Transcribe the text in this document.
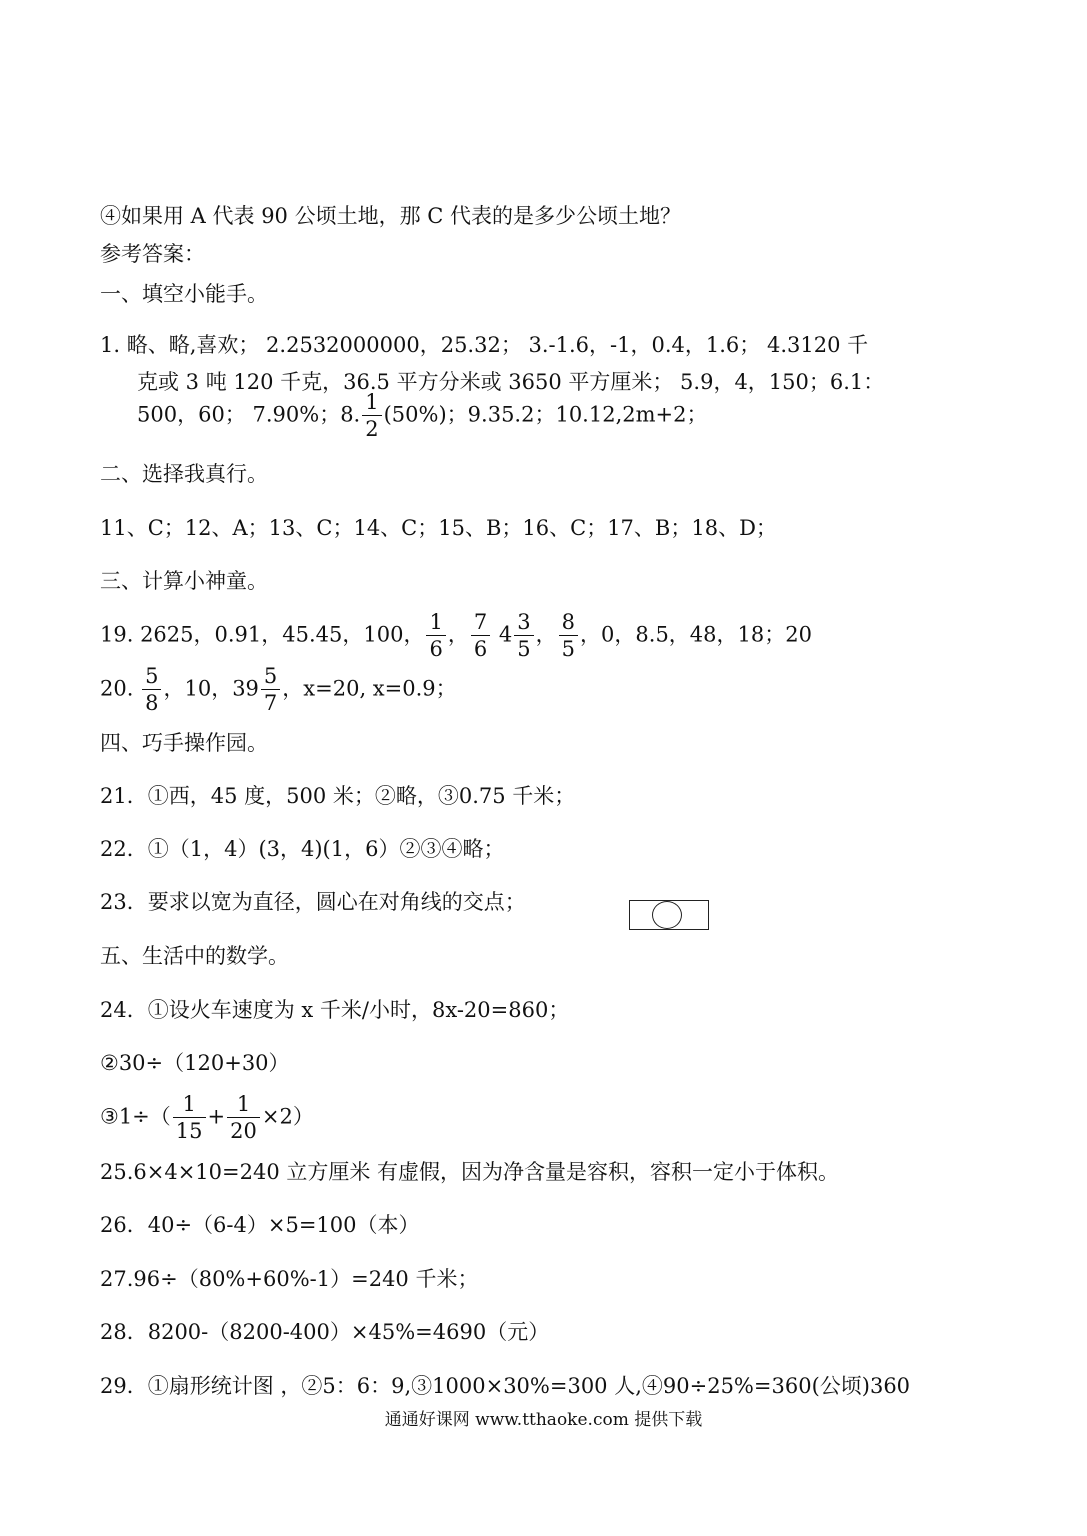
④如果用 A 代表 90 公顷土地，那 C 代表的是多少公顷土地？
参考答案：
一、填空小能手。
1. 略、略,喜欢； 2.2532000000，25.32； 3.-1.6，-1，0.4，1.6； 4.3120 千
克或 3 吨 120 千克，36.5 平方分米或 3650 平方厘米； 5.9，4，150；6.1：
500，60； 7.90%；8. $\frac{1}{2} (50\%)$；9.35.2；10.12,2m+2；
二、选择我真行。
11、C；12、A；13、C；14、C；15、B；16、C；17、B；18、D；
三、计算小神童。
19. 2625，0.91，45.45，100， $\frac{1}{6}$ ， $\frac{7}{6} 4 \frac{3}{5}$ ， $\frac{8}{5}$ ，0，8.5，48，18；20
20. $\frac{5}{8}$ ，10，$39 \frac{5}{7}$ ，x=20, x=0.9；
四、巧手操作园。
21．①西，45 度，500 米；②略，③0.75 千米；
22．①（1，4）(3，4)(1，6）②③④略；
23．要求以宽为直径，圆心在对角线的交点；
五、生活中的数学。
24．①设火车速度为 x 千米/小时，8x-20=860；
②30÷（120+30）
③1÷（ $\frac{1}{15} + \frac{1}{20} \times 2$）
25.6×4×10=240 立方厘米 有虚假，因为净含量是容积，容积一定小于体积。
26．40÷（6-4）×5=100（本）
27.96÷（80%+60%-1）=240 千米；
28．8200-（8200-400）×45%=4690（元）
29．①扇形统计图 ，②5：6：9,③1000×30%=300 人,④90÷25%=360(公顷)360
通通好课网 www.tthaoke.com 提供下载
